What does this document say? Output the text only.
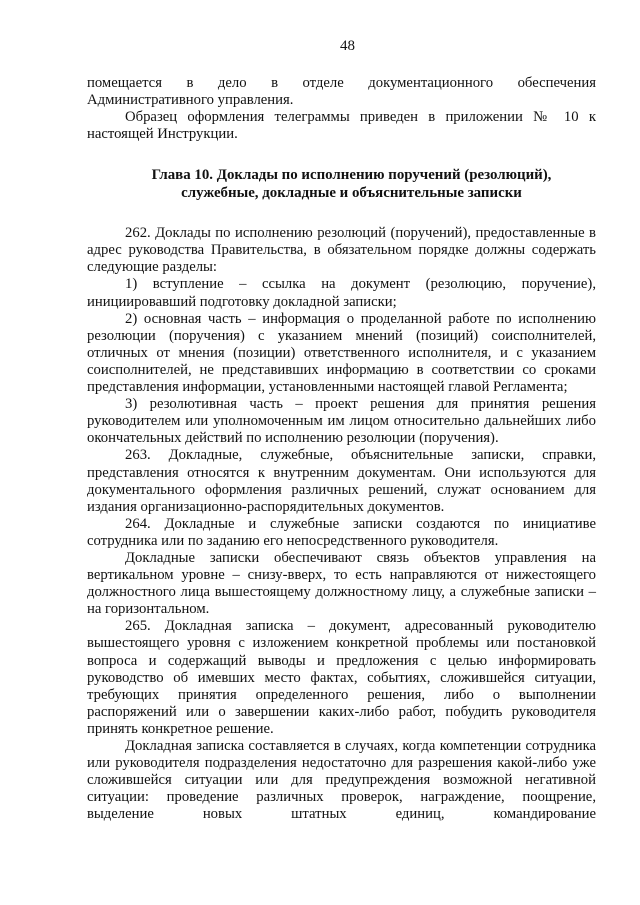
48

помещается в дело в отделе документационного обеспечения Административного управления.

Образец оформления телеграммы приведен в приложении № 10 к настоящей Инструкции.

Глава 10. Доклады по исполнению поручений (резолюций),
служебные, докладные и объяснительные записки

262. Доклады по исполнению резолюций (поручений), предоставленные в адрес руководства Правительства, в обязательном порядке должны содержать следующие разделы:

1) вступление – ссылка на документ (резолюцию, поручение), инициировавший подготовку докладной записки;

2) основная часть – информация о проделанной работе по исполнению резолюции (поручения) с указанием мнений (позиций) соисполнителей, отличных от мнения (позиции) ответственного исполнителя, и с указанием соисполнителей, не представивших информацию в соответствии со сроками представления информации, установленными настоящей главой Регламента;

3) резолютивная часть – проект решения для принятия решения руководителем или уполномоченным им лицом относительно дальнейших либо окончательных действий по исполнению резолюции (поручения).

263. Докладные, служебные, объяснительные записки, справки, представления относятся к внутренним документам. Они используются для документального оформления различных решений, служат основанием для издания организационно-распорядительных документов.

264. Докладные и служебные записки создаются по инициативе сотрудника или по заданию его непосредственного руководителя.

Докладные записки обеспечивают связь объектов управления на вертикальном уровне – снизу-вверх, то есть направляются от нижестоящего должностного лица вышестоящему должностному лицу, а служебные записки – на горизонтальном.

265. Докладная записка – документ, адресованный руководителю вышестоящего уровня с изложением конкретной проблемы или постановкой вопроса и содержащий выводы и предложения с целью информировать руководство об имевших место фактах, событиях, сложившейся ситуации, требующих принятия определенного решения, либо о выполнении распоряжений или о завершении каких-либо работ, побудить руководителя принять конкретное решение.

Докладная записка составляется в случаях, когда компетенции сотрудника или руководителя подразделения недостаточно для разрешения какой-либо уже сложившейся ситуации или для предупреждения возможной негативной ситуации: проведение различных проверок, награждение, поощрение, выделение новых штатных единиц, командирование
